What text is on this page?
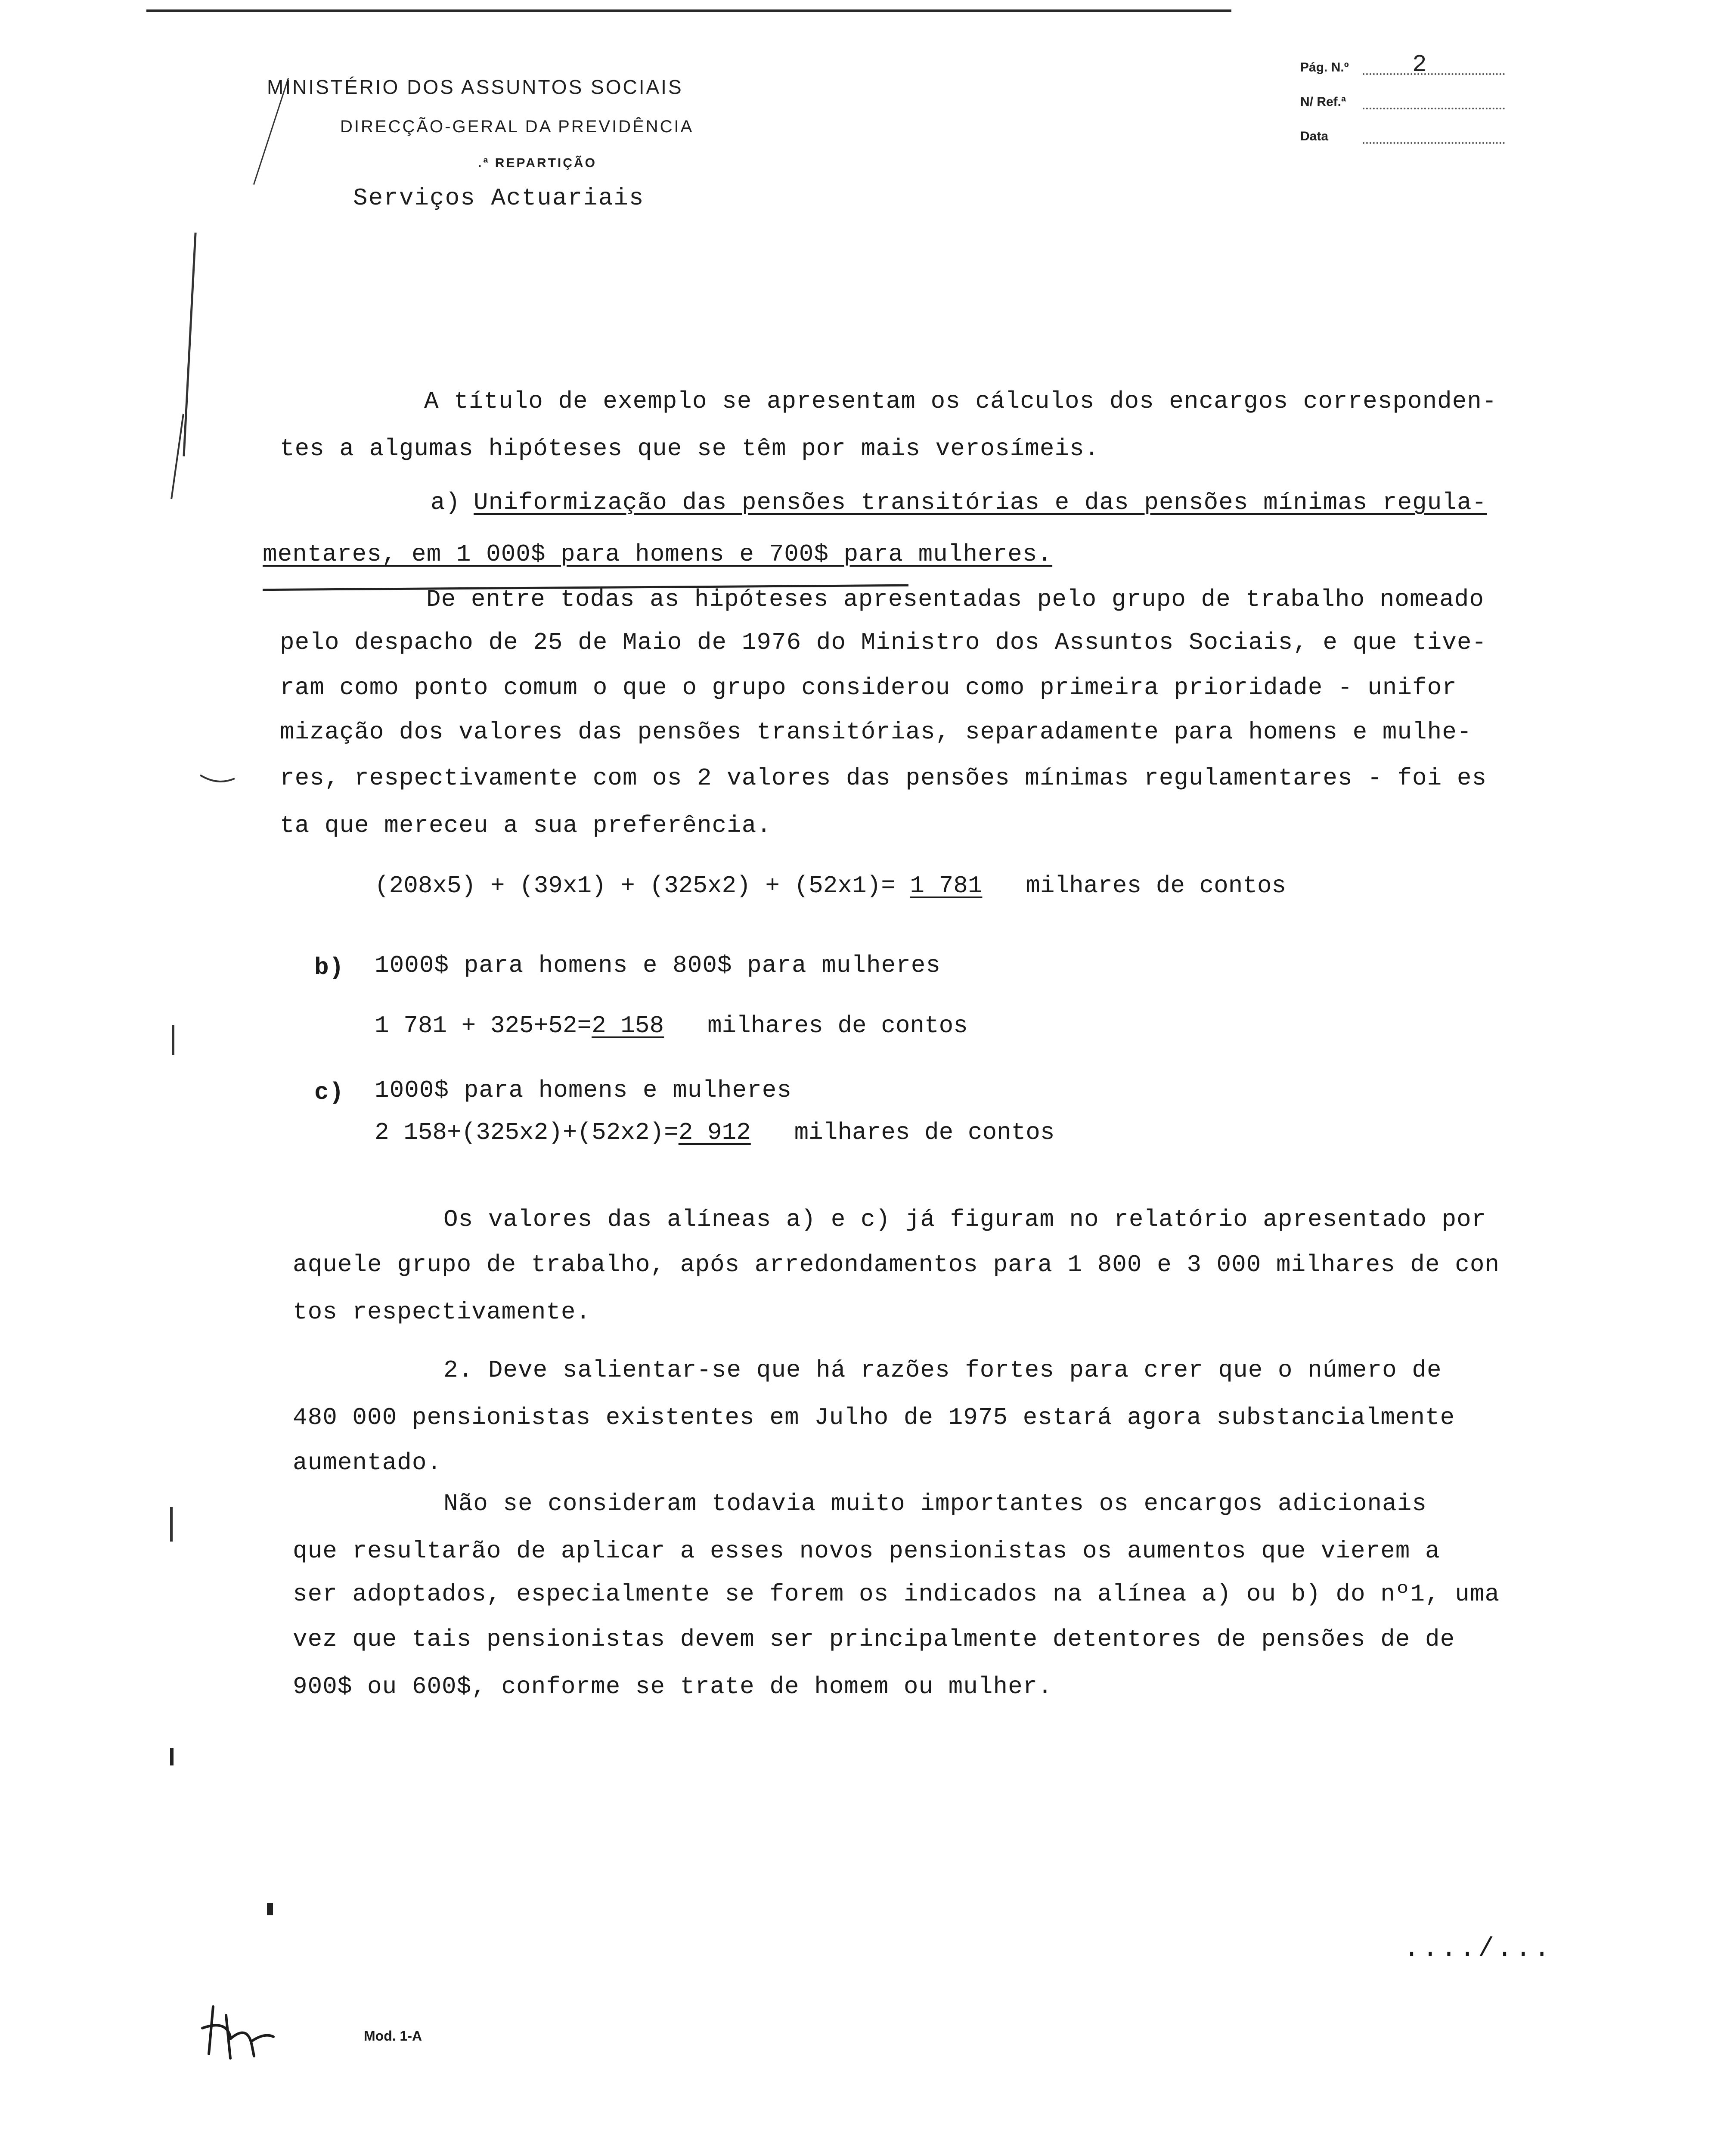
MINISTÉRIO DOS ASSUNTOS SOCIAIS
DIRECÇÃO-GERAL DA PREVIDÊNCIA
.ª REPARTIÇÃO
Serviços Actuariais
Pág. N.º	2
N/ Ref.ª
Data
A título de exemplo se apresentam os cálculos dos encargos corresponden-
tes a algumas hipóteses que se têm por mais verosímeis.
a) Uniformização das pensões transitórias e das pensões mínimas regula-
mentares, em 1 000$ para homens e 700$ para mulheres.
De entre todas as hipóteses apresentadas pelo grupo de trabalho nomeado
pelo despacho de 25 de Maio de 1976 do Ministro dos Assuntos Sociais, e que tive-
ram como ponto comum o que o grupo considerou como primeira prioridade - unifor
mização dos valores das pensões transitórias, separadamente para homens e mulhe-
res, respectivamente com os 2 valores das pensões mínimas regulamentares - foi es
ta que mereceu a sua preferência.
(208x5) + (39x1) + (325x2) + (52x1)= 1 781 milhares de contos
b) 1000$ para homens e 800$ para mulheres
1 781 + 325+52=2 158 milhares de contos
c) 1000$ para homens e mulheres
2 158+(325x2)+(52x2)=2 912 milhares de contos
Os valores das alíneas a) e c) já figuram no relatório apresentado por
aquele grupo de trabalho, após arredondamentos para 1 800 e 3 000 milhares de con
tos respectivamente.
2. Deve salientar-se que há razões fortes para crer que o número de
480 000 pensionistas existentes em Julho de 1975 estará agora substancialmente
aumentado.
Não se consideram todavia muito importantes os encargos adicionais
que resultarão de aplicar a esses novos pensionistas os aumentos que vierem a
ser adoptados, especialmente se forem os indicados na alínea a) ou b) do nº1, uma
vez que tais pensionistas devem ser principalmente detentores de pensões de de
900$ ou 600$, conforme se trate de homem ou mulher.
..../...
Mod. 1-A
